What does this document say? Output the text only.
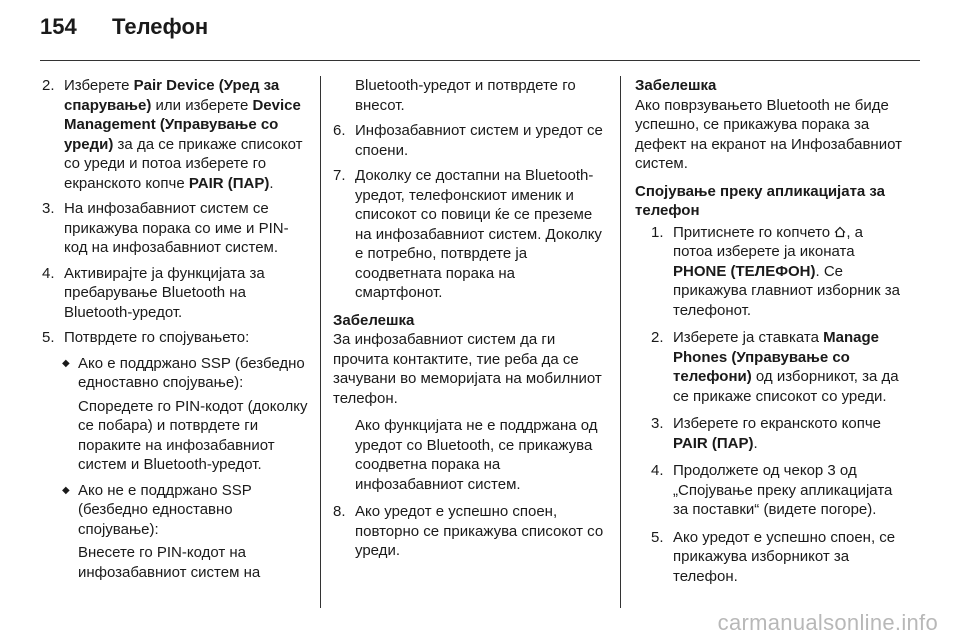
154	Телефон
2. Изберете Pair Device (Уред за спарување) или изберете Device Management (Управување со уреди) за да се прикаже списокот со уреди и потоа изберете го екранското копче PAIR (ПАР).
3. На инфозабавниот систем се прикажува порака со име и PIN-код на инфозабавниот систем.
4. Активирајте ја функцијата за пребарување Bluetooth на Bluetooth-уредот.
5. Потврдете го спојувањето:
◆ Ако е поддржано SSP (безбедно едноставно спојување):
Споредете го PIN-кодот (доколку се побара) и потврдете ги пораките на инфозабавниот систем и Bluetooth-уредот.
◆ Ако не е поддржано SSP (безбедно едноставно спојување):
Внесете го PIN-кодот на инфозабавниот систем на
Bluetooth-уредот и потврдете го внесот.
6. Инфозабавниот систем и уредот се споени.
7. Доколку се достапни на Bluetooth-уредот, телефонскиот именик и списокот со повици ќе се преземе на инфозабавниот систем. Доколку е потребно, потврдете ја соодветната порака на смартфонот.
Забелешка
За инфозабавниот систем да ги прочита контактите, тие реба да се зачувани во меморијата на мобилниот телефон.
Ако функцијата не е поддржана од уредот со Bluetooth, се прикажува соодветна порака на инфозабавниот систем.
8. Ако уредот е успешно споен, повторно се прикажува списокот со уреди.
Забелешка
Ако поврзувањето Bluetooth не биде успешно, се прикажува порака за дефект на екранот на Инфозабавниот систем.
Спојување преку апликацијата за телефон
1. Притиснете го копчето , а потоа изберете ја иконата PHONE (ТЕЛЕФОН). Се прикажува главниот изборник за телефонот.
2. Изберете ја ставката Manage Phones (Управување со телефони) од изборникот, за да се прикаже списокот со уреди.
3. Изберете го екранското копче PAIR (ПАР).
4. Продолжете од чекор 3 од „Спојување преку апликацијата за поставки“ (видете погоре).
5. Ако уредот е успешно споен, се прикажува изборникот за телефон.
carmanualsonline.info
